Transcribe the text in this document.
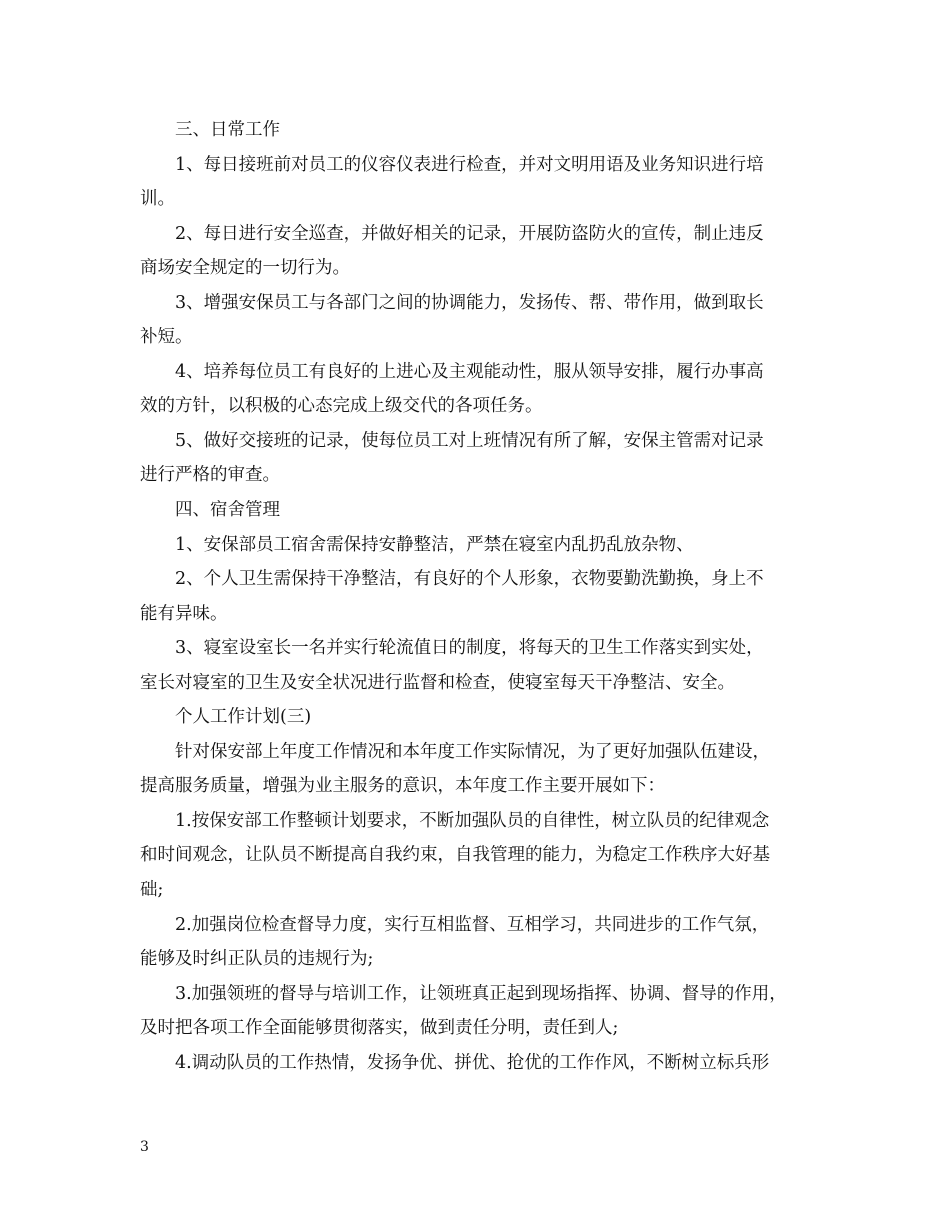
三、日常工作
1、每日接班前对员工的仪容仪表进行检查，并对文明用语及业务知识进行培
训。
2、每日进行安全巡查，并做好相关的记录，开展防盗防火的宣传，制止违反
商场安全规定的一切行为。
3、增强安保员工与各部门之间的协调能力，发扬传、帮、带作用，做到取长
补短。
4、培养每位员工有良好的上进心及主观能动性，服从领导安排，履行办事高
效的方针，以积极的心态完成上级交代的各项任务。
5、做好交接班的记录，使每位员工对上班情况有所了解，安保主管需对记录
进行严格的审查。
四、宿舍管理
1、安保部员工宿舍需保持安静整洁，严禁在寝室内乱扔乱放杂物、
2、个人卫生需保持干净整洁，有良好的个人形象，衣物要勤洗勤换，身上不
能有异味。
3、寝室设室长一名并实行轮流值日的制度，将每天的卫生工作落实到实处，
室长对寝室的卫生及安全状况进行监督和检查，使寝室每天干净整洁、安全。
个人工作计划(三)
针对保安部上年度工作情况和本年度工作实际情况，为了更好加强队伍建设，
提高服务质量，增强为业主服务的意识，本年度工作主要开展如下：
1.按保安部工作整顿计划要求，不断加强队员的自律性，树立队员的纪律观念
和时间观念，让队员不断提高自我约束，自我管理的能力，为稳定工作秩序大好基
础;
2.加强岗位检查督导力度，实行互相监督、互相学习，共同进步的工作气氛，
能够及时纠正队员的违规行为;
3.加强领班的督导与培训工作，让领班真正起到现场指挥、协调、督导的作用，
及时把各项工作全面能够贯彻落实，做到责任分明，责任到人;
4.调动队员的工作热情，发扬争优、拼优、抢优的工作作风，不断树立标兵形
3
